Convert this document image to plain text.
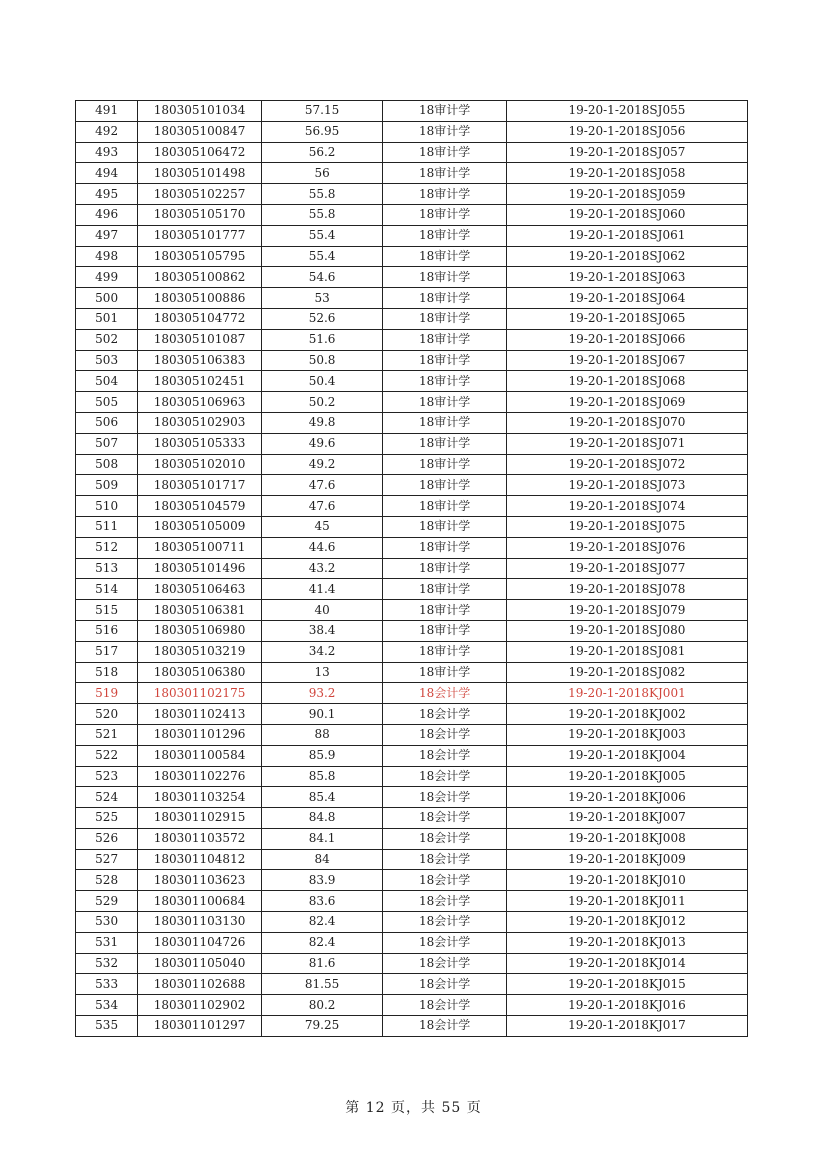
491	180305101034	57.15	18审计学	19-20-1-2018SJ055
492	180305100847	56.95	18审计学	19-20-1-2018SJ056
493	180305106472	56.2	18审计学	19-20-1-2018SJ057
494	180305101498	56	18审计学	19-20-1-2018SJ058
495	180305102257	55.8	18审计学	19-20-1-2018SJ059
496	180305105170	55.8	18审计学	19-20-1-2018SJ060
497	180305101777	55.4	18审计学	19-20-1-2018SJ061
498	180305105795	55.4	18审计学	19-20-1-2018SJ062
499	180305100862	54.6	18审计学	19-20-1-2018SJ063
500	180305100886	53	18审计学	19-20-1-2018SJ064
501	180305104772	52.6	18审计学	19-20-1-2018SJ065
502	180305101087	51.6	18审计学	19-20-1-2018SJ066
503	180305106383	50.8	18审计学	19-20-1-2018SJ067
504	180305102451	50.4	18审计学	19-20-1-2018SJ068
505	180305106963	50.2	18审计学	19-20-1-2018SJ069
506	180305102903	49.8	18审计学	19-20-1-2018SJ070
507	180305105333	49.6	18审计学	19-20-1-2018SJ071
508	180305102010	49.2	18审计学	19-20-1-2018SJ072
509	180305101717	47.6	18审计学	19-20-1-2018SJ073
510	180305104579	47.6	18审计学	19-20-1-2018SJ074
511	180305105009	45	18审计学	19-20-1-2018SJ075
512	180305100711	44.6	18审计学	19-20-1-2018SJ076
513	180305101496	43.2	18审计学	19-20-1-2018SJ077
514	180305106463	41.4	18审计学	19-20-1-2018SJ078
515	180305106381	40	18审计学	19-20-1-2018SJ079
516	180305106980	38.4	18审计学	19-20-1-2018SJ080
517	180305103219	34.2	18审计学	19-20-1-2018SJ081
518	180305106380	13	18审计学	19-20-1-2018SJ082
519	180301102175	93.2	18会计学	19-20-1-2018KJ001
520	180301102413	90.1	18会计学	19-20-1-2018KJ002
521	180301101296	88	18会计学	19-20-1-2018KJ003
522	180301100584	85.9	18会计学	19-20-1-2018KJ004
523	180301102276	85.8	18会计学	19-20-1-2018KJ005
524	180301103254	85.4	18会计学	19-20-1-2018KJ006
525	180301102915	84.8	18会计学	19-20-1-2018KJ007
526	180301103572	84.1	18会计学	19-20-1-2018KJ008
527	180301104812	84	18会计学	19-20-1-2018KJ009
528	180301103623	83.9	18会计学	19-20-1-2018KJ010
529	180301100684	83.6	18会计学	19-20-1-2018KJ011
530	180301103130	82.4	18会计学	19-20-1-2018KJ012
531	180301104726	82.4	18会计学	19-20-1-2018KJ013
532	180301105040	81.6	18会计学	19-20-1-2018KJ014
533	180301102688	81.55	18会计学	19-20-1-2018KJ015
534	180301102902	80.2	18会计学	19-20-1-2018KJ016
535	180301101297	79.25	18会计学	19-20-1-2018KJ017
第 12 页，共 55 页
